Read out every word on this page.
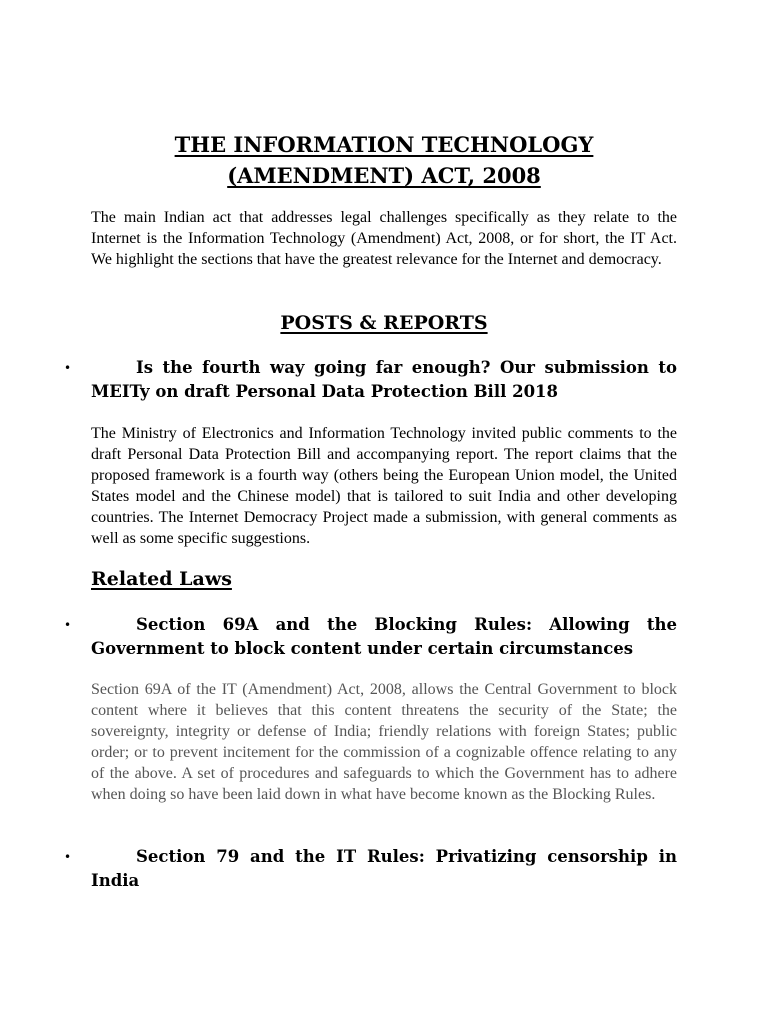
THE INFORMATION TECHNOLOGY (AMENDMENT) ACT, 2008

The main Indian act that addresses legal challenges specifically as they relate to the Internet is the Information Technology (Amendment) Act, 2008, or for short, the IT Act. We highlight the sections that have the greatest relevance for the Internet and democracy.

POSTS & REPORTS
•	Is the fourth way going far enough? Our submission to MEITy on draft Personal Data Protection Bill 2018

The Ministry of Electronics and Information Technology invited public comments to the draft Personal Data Protection Bill and accompanying report. The report claims that the proposed framework is a fourth way (others being the European Union model, the United States model and the Chinese model) that is tailored to suit India and other developing countries. The Internet Democracy Project made a submission, with general comments as well as some specific suggestions.

Related Laws
•	Section 69A and the Blocking Rules: Allowing the Government to block content under certain circumstances

Section 69A of the IT (Amendment) Act, 2008, allows the Central Government to block content where it believes that this content threatens the security of the State; the sovereignty, integrity or defense of India; friendly relations with foreign States; public order; or to prevent incitement for the commission of a cognizable offence relating to any of the above. A set of procedures and safeguards to which the Government has to adhere when doing so have been laid down in what have become known as the Blocking Rules.

•	Section 79 and the IT Rules: Privatizing censorship in India
